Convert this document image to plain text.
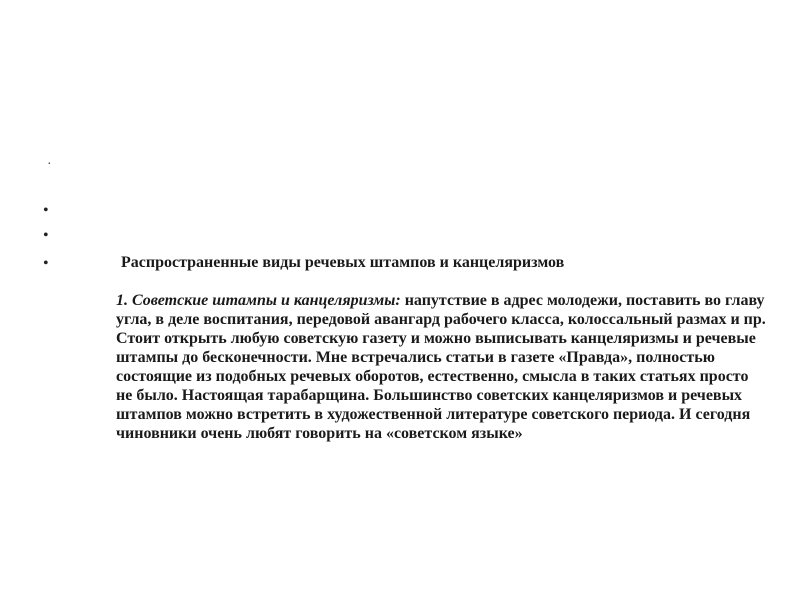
·
•
•
•	Распространенные виды речевых штампов и канцеляризмов
1. Советские штампы и канцеляризмы: напутствие в адрес молодежи, поставить во главу угла, в деле воспитания, передовой авангард рабочего класса, колоссальный размах и пр. Стоит открыть любую советскую газету и можно выписывать канцеляризмы и речевые штампы до бесконечности. Мне встречались статьи в газете «Правда», полностью состоящие из подобных речевых оборотов, естественно, смысла в таких статьях просто не было. Настоящая тарабарщина. Большинство советских канцеляризмов и речевых штампов можно встретить в художественной литературе советского периода. И сегодня чиновники очень любят говорить на «советском языке»
